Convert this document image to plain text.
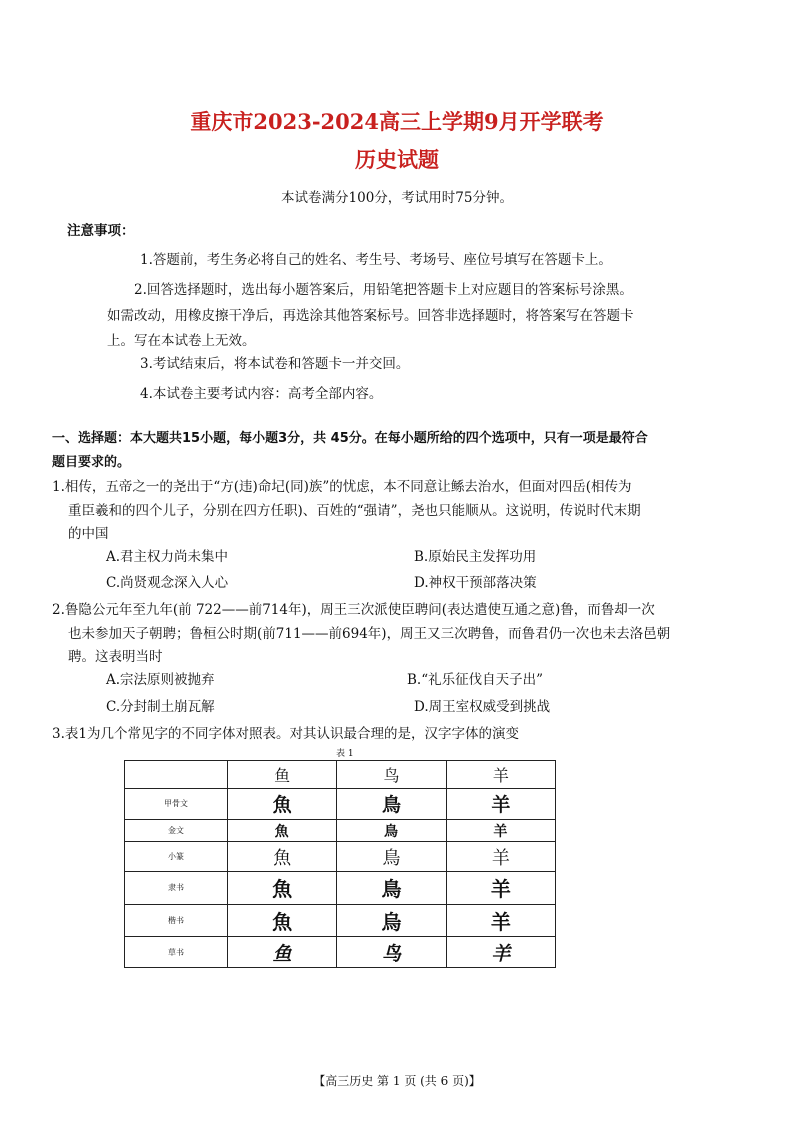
重庆市2023-2024高三上学期9月开学联考
历史试题
本试卷满分100分，考试用时75分钟。
注意事项：
1.答题前，考生务必将自己的姓名、考生号、考场号、座位号填写在答题卡上。
2.回答选择题时，选出每小题答案后，用铅笔把答题卡上对应题目的答案标号涂黑。
如需改动，用橡皮擦干净后，再选涂其他答案标号。回答非选择题时，将答案写在答题卡
上。写在本试卷上无效。
3.考试结束后，将本试卷和答题卡一并交回。
4.本试卷主要考试内容：高考全部内容。
一、选择题：本大题共15小题，每小题3分，共 45分。在每小题所给的四个选项中，只有一项是最符合
题目要求的。
1.相传，五帝之一的尧出于“方(违)命圮(同)族”的忧虑，本不同意让鲧去治水，但面对四岳(相传为
重臣羲和的四个儿子，分别在四方任职)、百姓的“强请”，尧也只能顺从。这说明，传说时代末期
的中国
A.君主权力尚未集中	B.原始民主发挥功用
C.尚贤观念深入人心	D.神权干预部落决策
2.鲁隐公元年至九年(前 722——前714年)，周王三次派使臣聘问(表达遣使互通之意)鲁，而鲁却一次
也未参加天子朝聘；鲁桓公时期(前711——前694年)，周王又三次聘鲁，而鲁君仍一次也未去洛邑朝
聘。这表明当时
A.宗法原则被抛弃	B.“礼乐征伐自天子出”
C.分封制土崩瓦解	D.周王室权威受到挑战
3.表1为几个常见字的不同字体对照表。对其认识最合理的是，汉字字体的演变
表 1
	鱼	鸟	羊
甲骨文	魚	鳥	羊
金文	魚	鳥	羊
小篆	魚	鳥	羊
隶书	魚	鳥	羊
楷书	魚	烏	羊
草书	鱼	鸟	羊
【高三历史 第 1 页 (共 6 页)】
